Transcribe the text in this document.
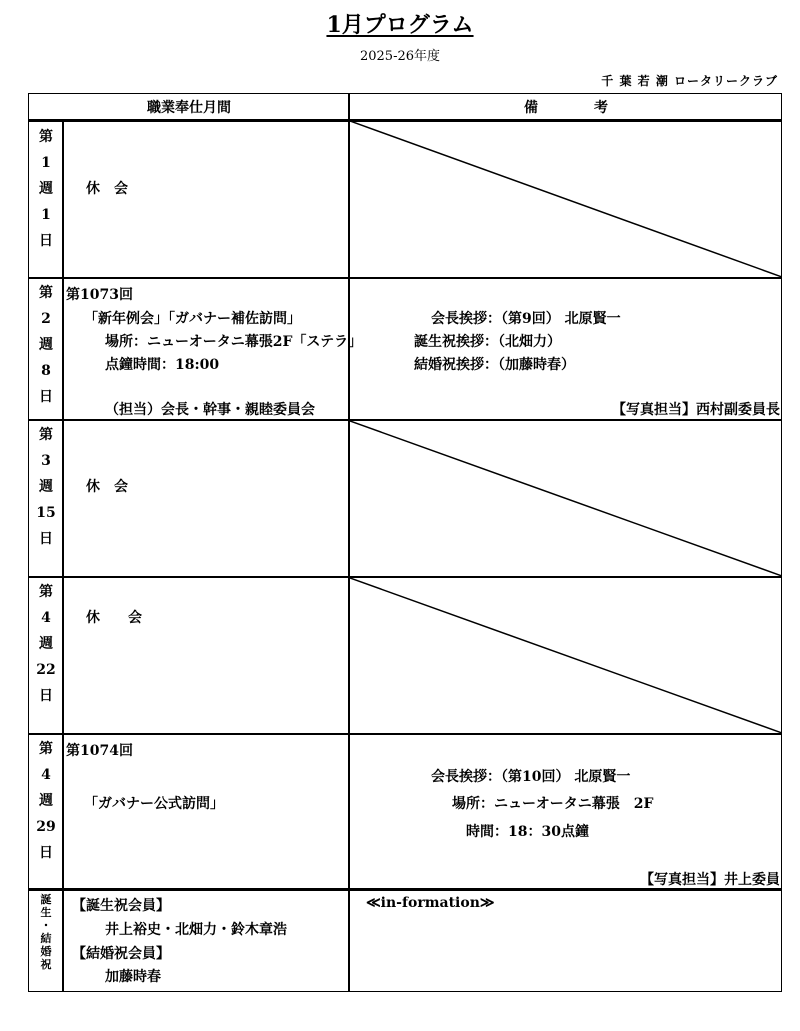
1月プログラム
2025-26年度
千 葉 若 潮 ロータリークラブ
職業奉仕月間	備　　　　考
第
1
週
1
日
休　会
第
2
週
8
日
第1073回
「新年例会」「ガバナー補佐訪問」
場所：ニューオータニ幕張2F「ステラ」
点鐘時間：18:00
（担当）会長・幹事・親睦委員会
会長挨拶：（第9回） 北原賢一
誕生祝挨拶：（北畑力）
結婚祝挨拶：（加藤時春）
【写真担当】西村副委員長
第
3
週
15
日
休　会
第
4
週
22
日
休　　会
第
4
週
29
日
第1074回
「ガバナー公式訪問」
会長挨拶：（第10回） 北原賢一
場所：ニューオータニ幕張　2F
時間：18：30点鐘
【写真担当】井上委員
誕
生
・
結
婚
祝
【誕生祝会員】
井上裕史・北畑力・鈴木章浩
【結婚祝会員】
加藤時春
≪in-formation≫
